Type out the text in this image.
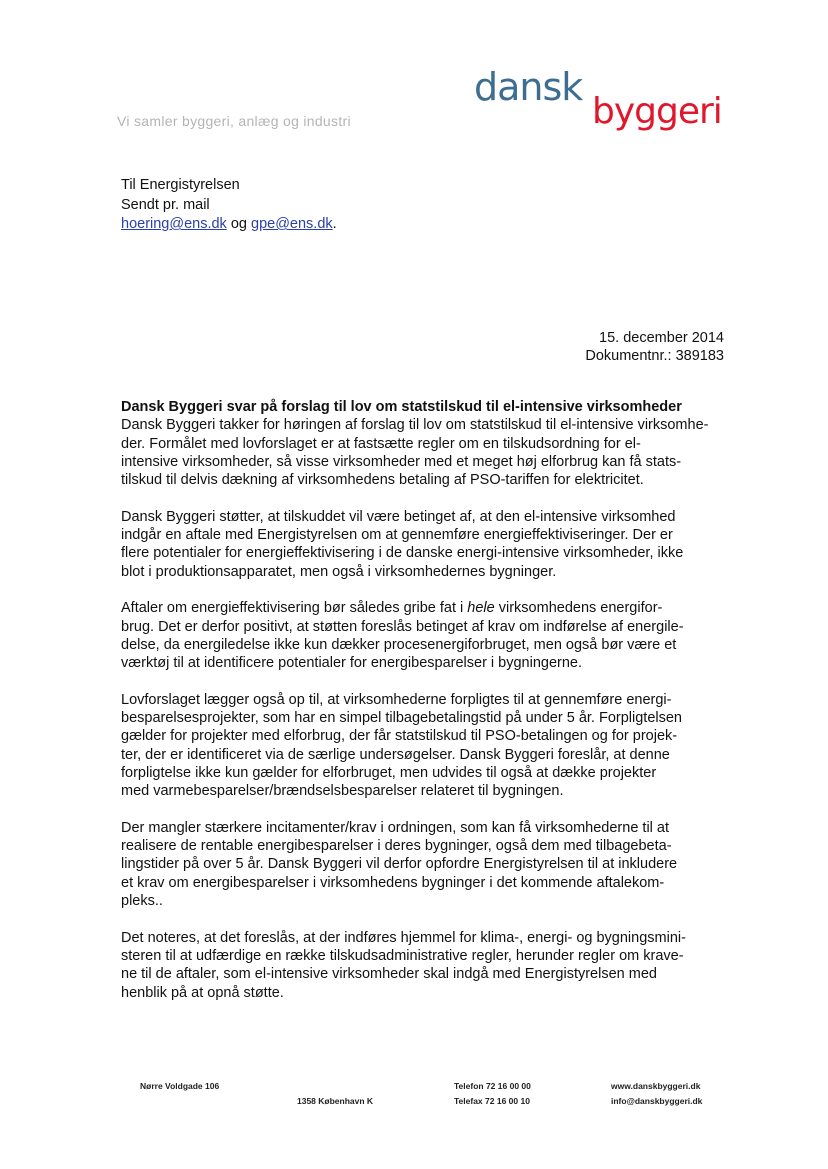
dansk
byggeri
Vi samler byggeri, anlæg og industri
Til Energistyrelsen
Sendt pr. mail
hoering@ens.dk og gpe@ens.dk.
15. december 2014
Dokumentnr.: 389183

Dansk Byggeri svar på forslag til lov om statstilskud til el-intensive virksomheder
Dansk Byggeri takker for høringen af forslag til lov om statstilskud til el-intensive virksomhe-
der. Formålet med lovforslaget er at fastsætte regler om en tilskudsordning for el-
intensive virksomheder, så visse virksomheder med et meget høj elforbrug kan få stats-
tilskud til delvis dækning af virksomhedens betaling af PSO-tariffen for elektricitet.

Dansk Byggeri støtter, at tilskuddet vil være betinget af, at den el-intensive virksomhed
indgår en aftale med Energistyrelsen om at gennemføre energieffektiviseringer. Der er
flere potentialer for energieffektivisering i de danske energi-intensive virksomheder, ikke
blot i produktionsapparatet, men også i virksomhedernes bygninger.

Aftaler om energieffektivisering bør således gribe fat i hele virksomhedens energifor-
brug. Det er derfor positivt, at støtten foreslås betinget af krav om indførelse af energile-
delse, da energiledelse ikke kun dækker procesenergiforbruget, men også bør være et
værktøj til at identificere potentialer for energibesparelser i bygningerne.

Lovforslaget lægger også op til, at virksomhederne forpligtes til at gennemføre energi-
besparelsesprojekter, som har en simpel tilbagebetalingstid på under 5 år. Forpligtelsen
gælder for projekter med elforbrug, der får statstilskud til PSO-betalingen og for projek-
ter, der er identificeret via de særlige undersøgelser. Dansk Byggeri foreslår, at denne
forpligtelse ikke kun gælder for elforbruget, men udvides til også at dække projekter
med varmebesparelser/brændselsbesparelser relateret til bygningen.

Der mangler stærkere incitamenter/krav i ordningen, som kan få virksomhederne til at
realisere de rentable energibesparelser i deres bygninger, også dem med tilbagebeta-
lingstider på over 5 år. Dansk Byggeri vil derfor opfordre Energistyrelsen til at inkludere
et krav om energibesparelser i virksomhedens bygninger i det kommende aftalekom-
pleks..

Det noteres, at det foreslås, at der indføres hjemmel for klima-, energi- og bygningsmini-
steren til at udfærdige en række tilskudsadministrative regler, herunder regler om krave-
ne til de aftaler, som el-intensive virksomheder skal indgå med Energistyrelsen med
henblik på at opnå støtte.

Nørre Voldgade 106
1358 København K
Telefon 72 16 00 00
Telefax 72 16 00 10
www.danskbyggeri.dk
info@danskbyggeri.dk
